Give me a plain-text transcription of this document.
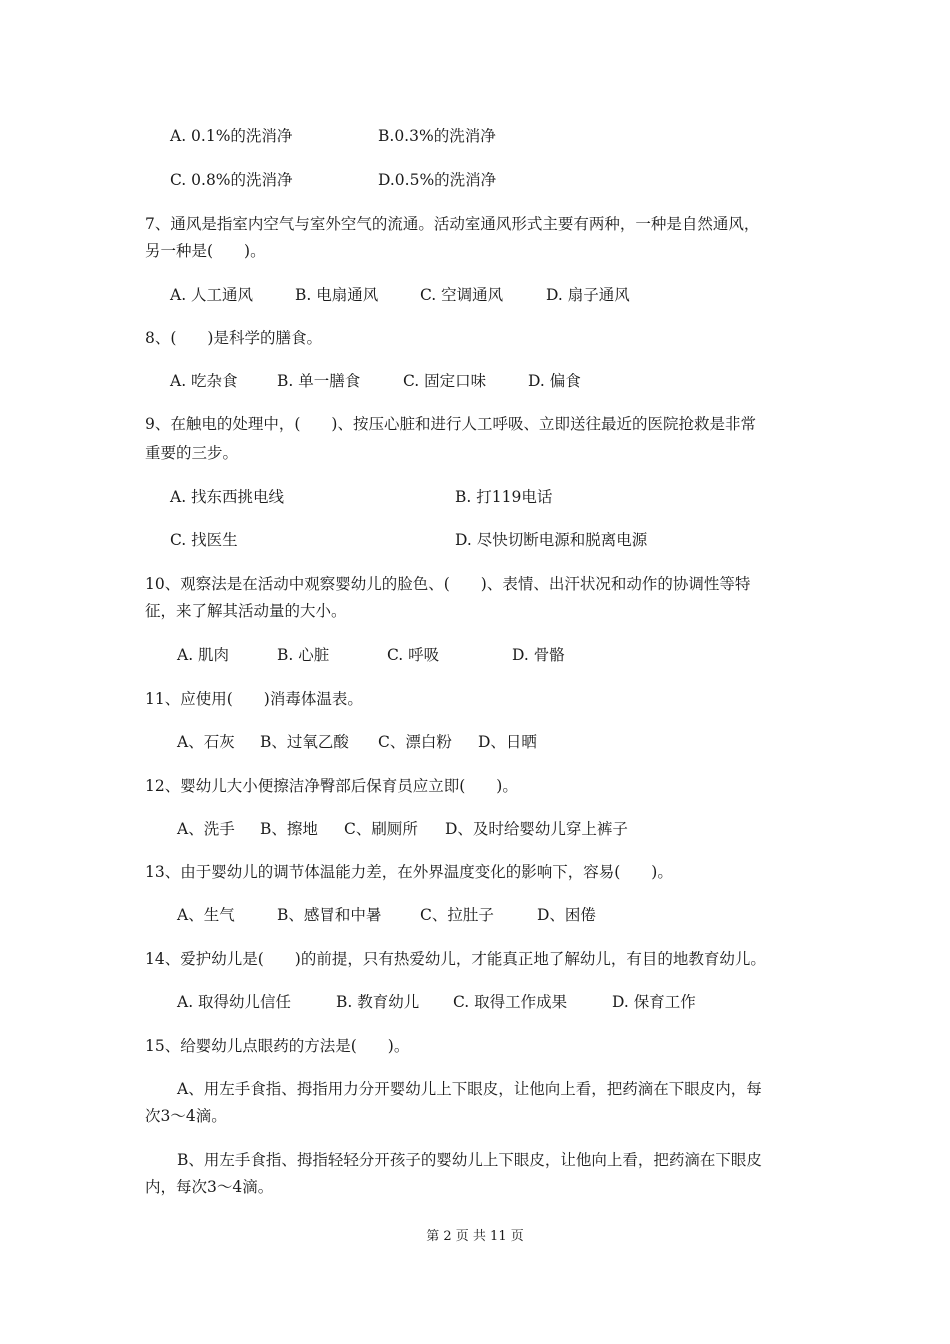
A. 0.1%的洗消净	B.0.3%的洗消净
C. 0.8%的洗消净	D.0.5%的洗消净
7、通风是指室内空气与室外空气的流通。活动室通风形式主要有两种，一种是自然通风，
另一种是(　　)。
A. 人工通风	B. 电扇通风	C. 空调通风	D. 扇子通风
8、(　　)是科学的膳食。
A. 吃杂食	B. 单一膳食	C. 固定口味	D. 偏食
9、在触电的处理中，(　　)、按压心脏和进行人工呼吸、立即送往最近的医院抢救是非常
重要的三步。
A. 找东西挑电线	B. 打119电话
C. 找医生	D. 尽快切断电源和脱离电源
10、观察法是在活动中观察婴幼儿的脸色、(　　)、表情、出汗状况和动作的协调性等特
征，来了解其活动量的大小。
A. 肌肉	B. 心脏	C. 呼吸	D. 骨骼
11、应使用(　　)消毒体温表。
A、石灰 B、过氧乙酸 C、漂白粉 D、日晒
12、婴幼儿大小便擦洁净臀部后保育员应立即(　　)。
A、洗手 B、擦地 C、刷厕所 D、及时给婴幼儿穿上裤子
13、由于婴幼儿的调节体温能力差，在外界温度变化的影响下，容易(　　)。
A、生气	B、感冒和中暑 C、拉肚子	D、困倦
14、爱护幼儿是(　　)的前提，只有热爱幼儿，才能真正地了解幼儿，有目的地教育幼儿。
A. 取得幼儿信任	B. 教育幼儿 C. 取得工作成果	D. 保育工作
15、给婴幼儿点眼药的方法是(　　)。
A、用左手食指、拇指用力分开婴幼儿上下眼皮，让他向上看，把药滴在下眼皮内，每
次3～4滴。
B、用左手食指、拇指轻轻分开孩子的婴幼儿上下眼皮，让他向上看，把药滴在下眼皮
内，每次3～4滴。
第 2 页 共 11 页
